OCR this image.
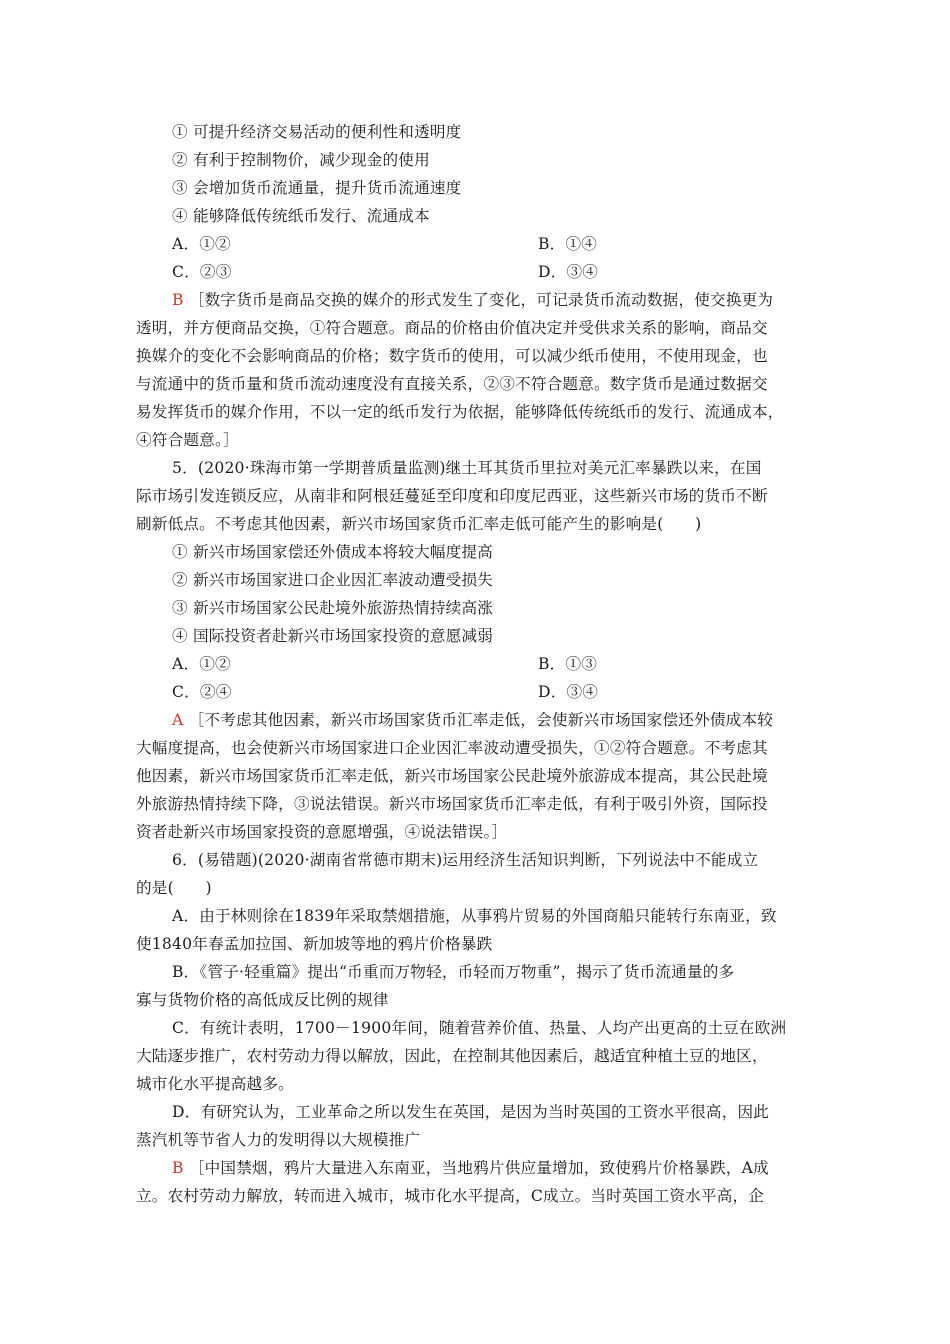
① 可提升经济交易活动的便利性和透明度
② 有利于控制物价，减少现金的使用
③ 会增加货币流通量，提升货币流通速度
④ 能够降低传统纸币发行、流通成本
A．①②	B．①④
C．②③	D．③④
B ［数字货币是商品交换的媒介的形式发生了变化，可记录货币流动数据，使交换更为
透明，并方便商品交换，①符合题意。商品的价格由价值决定并受供求关系的影响，商品交
换媒介的变化不会影响商品的价格；数字货币的使用，可以减少纸币使用，不使用现金，也
与流通中的货币量和货币流动速度没有直接关系，②③不符合题意。数字货币是通过数据交
易发挥货币的媒介作用，不以一定的纸币发行为依据，能够降低传统纸币的发行、流通成本，
④符合题意。］
5．(2020·珠海市第一学期普质量监测)继土耳其货币里拉对美元汇率暴跌以来，在国
际市场引发连锁反应，从南非和阿根廷蔓延至印度和印度尼西亚，这些新兴市场的货币不断
刷新低点。不考虑其他因素，新兴市场国家货币汇率走低可能产生的影响是(　　)
① 新兴市场国家偿还外债成本将较大幅度提高
② 新兴市场国家进口企业因汇率波动遭受损失
③ 新兴市场国家公民赴境外旅游热情持续高涨
④ 国际投资者赴新兴市场国家投资的意愿减弱
A．①②	B．①③
C．②④	D．③④
A ［不考虑其他因素，新兴市场国家货币汇率走低，会使新兴市场国家偿还外债成本较
大幅度提高，也会使新兴市场国家进口企业因汇率波动遭受损失，①②符合题意。不考虑其
他因素，新兴市场国家货币汇率走低，新兴市场国家公民赴境外旅游成本提高，其公民赴境
外旅游热情持续下降，③说法错误。新兴市场国家货币汇率走低，有利于吸引外资，国际投
资者赴新兴市场国家投资的意愿增强，④说法错误。］
6．(易错题)(2020·湖南省常德市期末)运用经济生活知识判断，下列说法中不能成立
的是(　　)
A．由于林则徐在1839年采取禁烟措施，从事鸦片贸易的外国商船只能转行东南亚，致
使1840年春孟加拉国、新加坡等地的鸦片价格暴跌
B．《管子·轻重篇》提出“币重而万物轻，币轻而万物重”，揭示了货币流通量的多
寡与货物价格的高低成反比例的规律
C．有统计表明，1700－1900年间，随着营养价值、热量、人均产出更高的土豆在欧洲
大陆逐步推广，农村劳动力得以解放，因此，在控制其他因素后，越适宜种植土豆的地区，
城市化水平提高越多。
D．有研究认为，工业革命之所以发生在英国，是因为当时英国的工资水平很高，因此
蒸汽机等节省人力的发明得以大规模推广
B ［中国禁烟，鸦片大量进入东南亚，当地鸦片供应量增加，致使鸦片价格暴跌，A成
立。农村劳动力解放，转而进入城市，城市化水平提高，C成立。当时英国工资水平高，企
